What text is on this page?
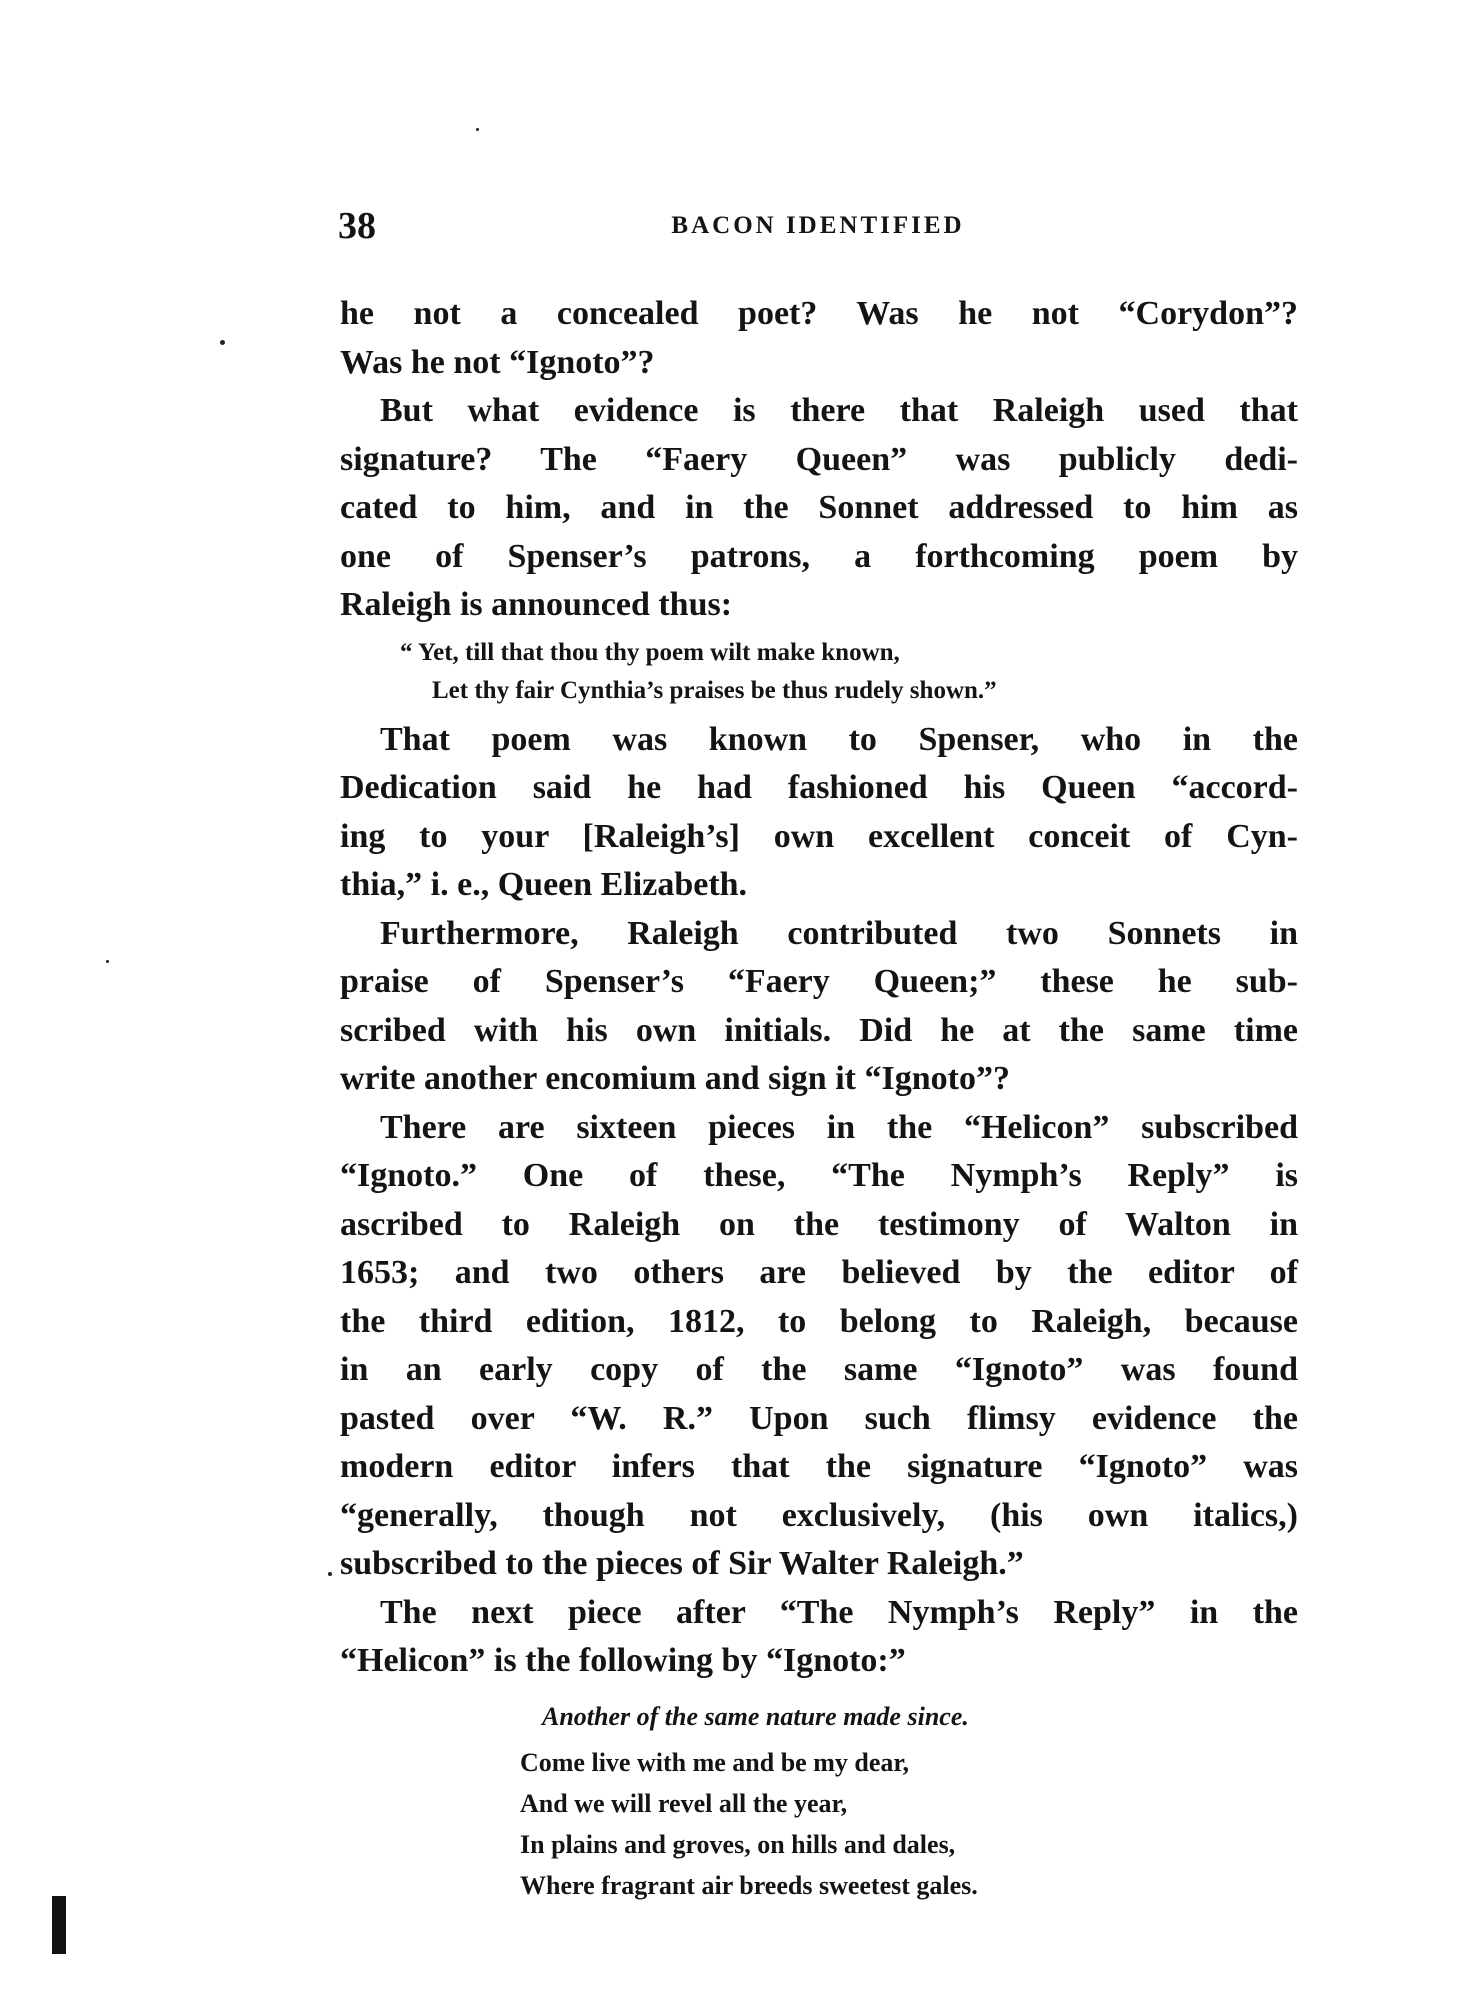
38	BACON IDENTIFIED
he not a concealed poet? Was he not “Corydon”?
Was he not “Ignoto”?
But what evidence is there that Raleigh used that
signature? The “Faery Queen” was publicly dedi-
cated to him, and in the Sonnet addressed to him as
one of Spenser’s patrons, a forthcoming poem by
Raleigh is announced thus:
“ Yet, till that thou thy poem wilt make known,
Let thy fair Cynthia’s praises be thus rudely shown.”
That poem was known to Spenser, who in the
Dedication said he had fashioned his Queen “accord-
ing to your [Raleigh’s] own excellent conceit of Cyn-
thia,” i. e., Queen Elizabeth.
Furthermore, Raleigh contributed two Sonnets in
praise of Spenser’s “Faery Queen;” these he sub-
scribed with his own initials. Did he at the same time
write another encomium and sign it “Ignoto”?
There are sixteen pieces in the “Helicon” subscribed
“Ignoto.” One of these, “The Nymph’s Reply” is
ascribed to Raleigh on the testimony of Walton in
1653; and two others are believed by the editor of
the third edition, 1812, to belong to Raleigh, because
in an early copy of the same “Ignoto” was found
pasted over “W. R.” Upon such flimsy evidence the
modern editor infers that the signature “Ignoto” was
“generally, though not exclusively, (his own italics,)
subscribed to the pieces of Sir Walter Raleigh.”
The next piece after “The Nymph’s Reply” in the
“Helicon” is the following by “Ignoto:”
Another of the same nature made since.
Come live with me and be my dear,
And we will revel all the year,
In plains and groves, on hills and dales,
Where fragrant air breeds sweetest gales.
